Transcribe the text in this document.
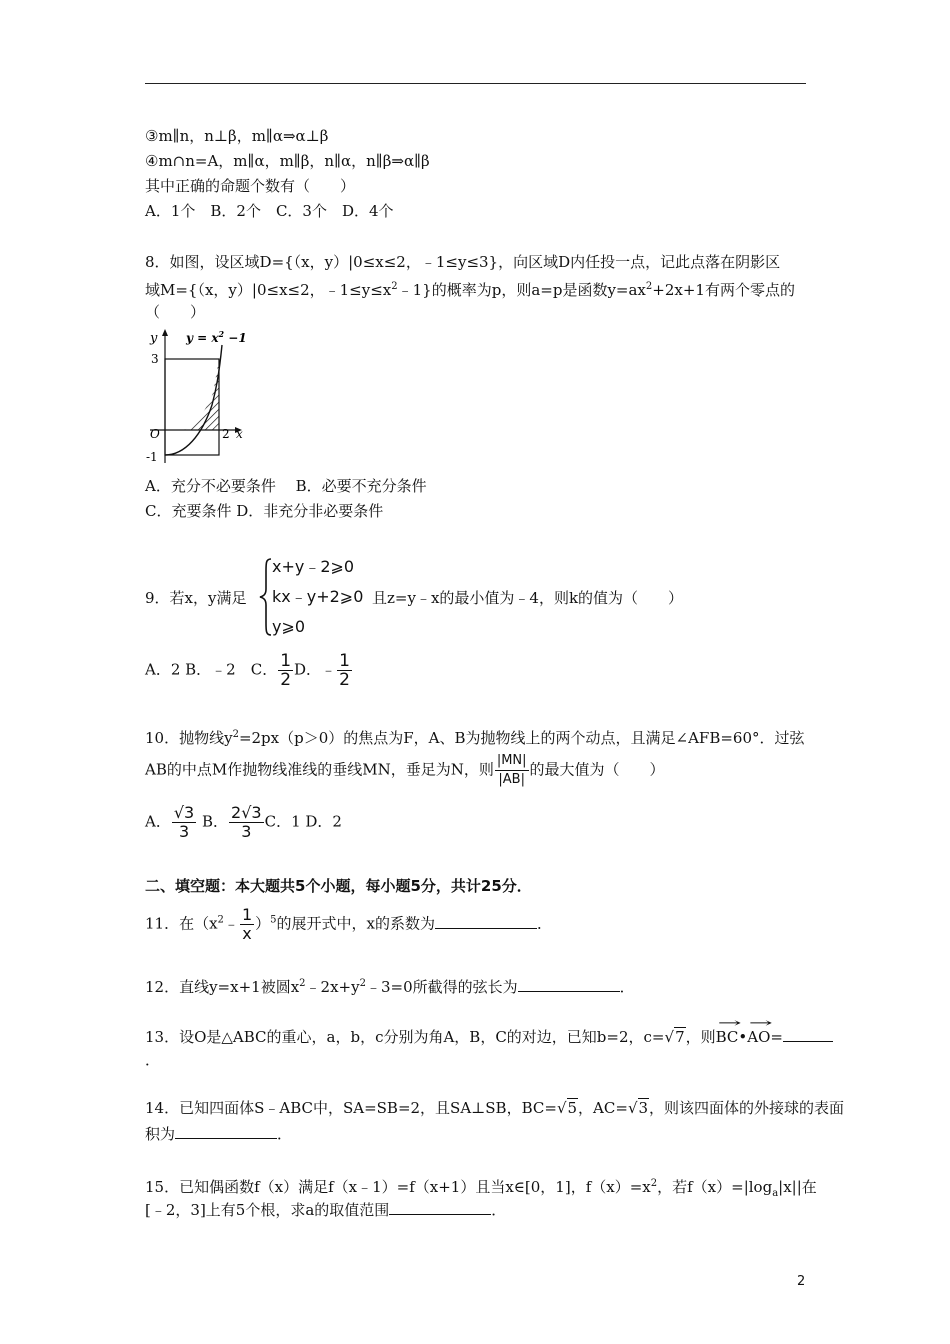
③m∥n，n⊥β，m∥α⇒α⊥β
④m∩n=A，m∥α，m∥β，n∥α，n∥β⇒α∥β
其中正确的命题个数有（　　）
A．1个　B．2个　C．3个　D．4个
8．如图，设区域D={（x，y）|0≤x≤2，﹣1≤y≤3}，向区域D内任投一点，记此点落在阴影区
域M={（x，y）|0≤x≤2，$﹣1\le y\le x^2﹣1$}的概率为p，则a=p是函数$y=ax^2+2x+1$有两个零点的
（　　）
y $y = x^2 -1$
3
O	2 x
-1
A．充分不必要条件　 B．必要不充分条件
C．充要条件 D．非充分非必要条件
9．若x，y满足
x+y﹣2⩾0
kx﹣y+2⩾0
y⩾0
且z=y﹣x的最小值为﹣4，则k的值为（　　）
A．2 B．﹣2　C． $\frac{1}{2}$ D．﹣ $\frac{1}{2}$
10．抛物线$y^2=2px(p>0)$的焦点为F，A、B为抛物线上的两个动点，且满足∠AFB=60°．过弦
AB的中点M作抛物线准线的垂线MN，垂足为N，则 $\frac{|MN|}{|AB|}$ 的最大值为（　　）
A． $\frac{√3}{3}$ B． $\frac{2√3}{3}$ C．1 D．2
二、填空题：本大题共5个小题，每小题5分，共计25分．
11．在$(x^2﹣ \frac{1}{x} )^5$的展开式中，x的系数为	．
12．直线y=x+1被圆$x^2﹣2x+y^2﹣3=0$所截得的弦长为	．
13．设O是△ABC的重心，a，b，c分别为角A，B，C的对边，已知b=2，c=√7，则→ BC•→ AO=
．
14．已知四面体S﹣ABC中，SA=SB=2，且SA⊥SB，BC=√5，AC=√3，则该四面体的外接球的表面
积为	．
15．已知偶函数f（x）满足f（x﹣1）=f（x+1）且当x∈[0，1]，$f(x)=x^2$，若$f(x)=|\log_a|x||$在
[﹣2，3]上有5个根，求a的取值范围	．
2
